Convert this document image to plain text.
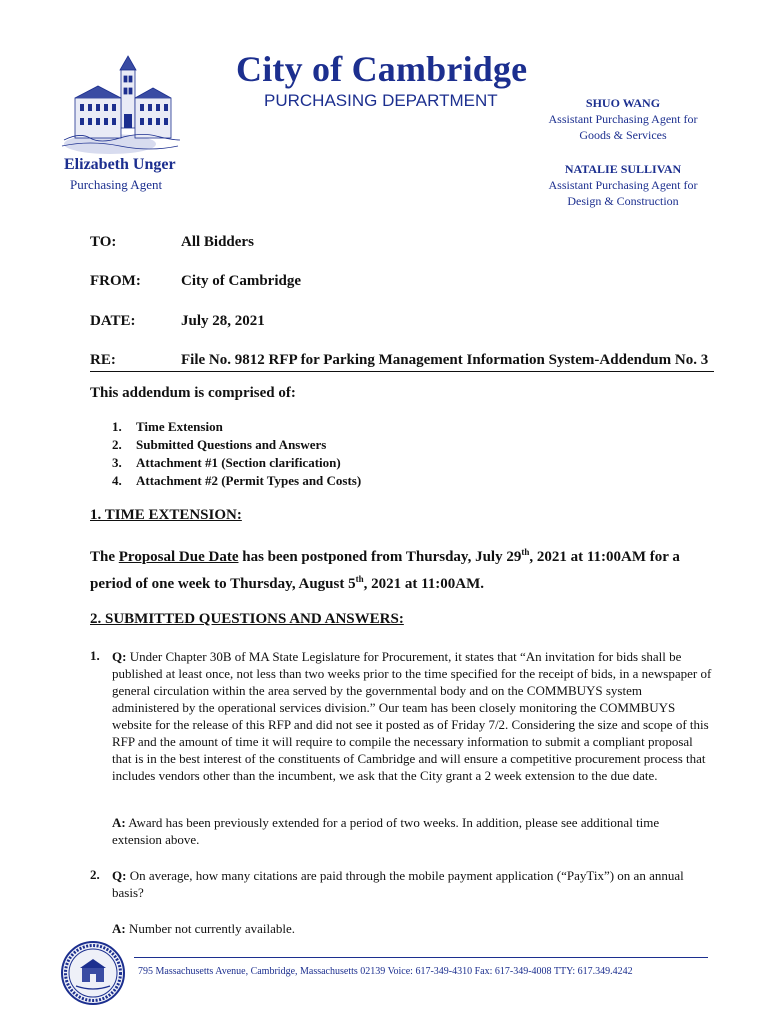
City of Cambridge
PURCHASING DEPARTMENT	SHUO WANG
Assistant Purchasing Agent for
Goods & Services
NATALIE SULLIVAN
Assistant Purchasing Agent for
Design & Construction
Elizabeth Unger
Purchasing Agent
TO:	All Bidders
FROM:	City of Cambridge
DATE:	July 28, 2021
RE:	File No. 9812 RFP for Parking Management Information System-Addendum No. 3
This addendum is comprised of:
1. Time Extension
2. Submitted Questions and Answers
3. Attachment #1 (Section clarification)
4. Attachment #2 (Permit Types and Costs)
1. TIME EXTENSION:
The Proposal Due Date has been postponed from Thursday, July 29th, 2021 at 11:00AM for a period of one week to Thursday, August 5th, 2021 at 11:00AM.
2. SUBMITTED QUESTIONS AND ANSWERS:
1. Q: Under Chapter 30B of MA State Legislature for Procurement, it states that “An invitation for bids shall be published at least once, not less than two weeks prior to the time specified for the receipt of bids, in a newspaper of general circulation within the area served by the governmental body and on the COMMBUYS system administered by the operational services division.” Our team has been closely monitoring the COMMBUYS website for the release of this RFP and did not see it posted as of Friday 7/2. Considering the size and scope of this RFP and the amount of time it will require to compile the necessary information to submit a compliant proposal that is in the best interest of the constituents of Cambridge and will ensure a competitive procurement process that includes vendors other than the incumbent, we ask that the City grant a 2 week extension to the due date.
A: Award has been previously extended for a period of two weeks. In addition, please see additional time extension above.
2. Q: On average, how many citations are paid through the mobile payment application (“PayTix”) on an annual basis?
A: Number not currently available.
795 Massachusetts Avenue, Cambridge, Massachusetts 02139 Voice: 617-349-4310 Fax: 617-349-4008 TTY: 617.349.4242
